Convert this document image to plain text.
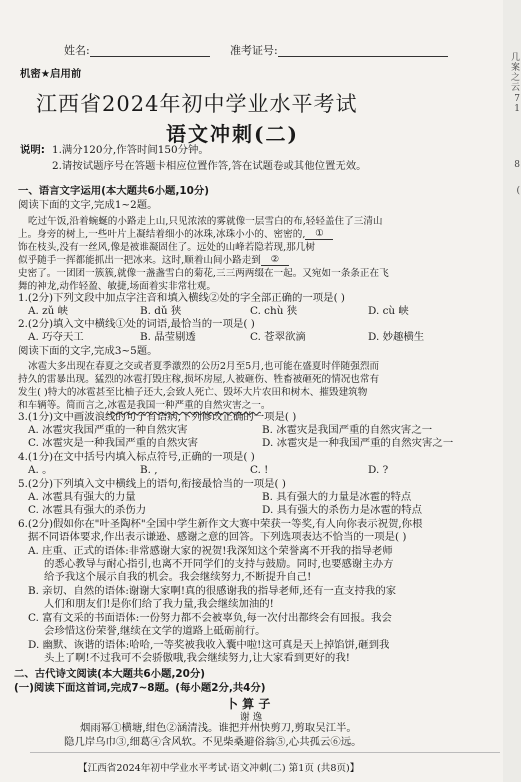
几
案
之
云
7
1
8
(
姓名:	准考证号:
机密★启用前
江西省2024年初中学业水平考试
语文冲刺(二)
说明: 1.满分120分,作答时间150分钟。
2.请按试题序号在答题卡相应位置作答,答在试题卷或其他位置无效。
一、语言文字运用(本大题共6小题,10分)
阅读下面的文字,完成1~2题。
吃过午饭,沿着蜿蜒的小路走上山,只见浓浓的雾就像一层雪白的布,轻轻盖住了三清山
上。身旁的树上,一些叶片上凝结着细小的冰珠,冰珠小小的、密密的, ①
饰在枝头,没有一丝风,像是被谁凝固住了。远处的山峰若隐若现,那几树
似乎随手一挥都能抓出一把冰来。这时,顺着山间小路走到 ②
史密了。一团团一簇簇,就像一盏盏雪白的菊花,三三两两缀在一起。又宛如一条条正在飞
舞的神龙,动作轻盈、敏捷,场面着实非常壮观。
1.(2分)下列文段中加点字注音和填入横线②处的字全部正确的一项是( )
A. zǔ 峡	B. dǔ 狭	C. chù 狭	D. cù 峡
2.(2分)填入文中横线①处的词语,最恰当的一项是( )
A. 巧夺天工	B. 晶莹剔透	C. 苍翠欲滴	D. 妙趣横生
阅读下面的文字,完成3~5题。
冰雹大多出现在春夏之交或者夏季激烈的公历2月至5月,也可能在盛夏时伴随强烈而
持久的雷暴出现。猛烈的冰雹打毁庄稼,损坏房屋,人被砸伤、牲畜被砸死的情况也常有
发生( )特大的冰雹甚至比柚子还大,会致人死亡、毁坏大片农田和树木、摧毁建筑物
和车辆等。简而言之,冰雹是我国一种严重的自然灾害之一。
3.(1分)文中画波浪线的句子有语病,下列修改正确的一项是( )
A. 冰雹灾我国严重的一种自然灾害	B. 冰雹灾是我国严重的自然灾害之一
C. 冰雹灾是一种我国严重的自然灾害	D. 冰雹灾是一种我国严重的自然灾害之一
4.(1分)在文中括号内填入标点符号,正确的一项是( )
A. 。	B. ,	C. !	D. ?
5.(2分)下列填入文中横线上的语句,衔接最恰当的一项是( )
A. 冰雹具有强大的力量	B. 具有强大的力量是冰雹的特点
C. 冰雹具有强大的杀伤力	D. 具有强大的杀伤力是冰雹的特点
6.(2分)假如你在"叶圣陶杯"全国中学生新作文大赛中荣获一等奖,有人向你表示祝贺,你根
据不同语体要求,作出表示谦逊、感谢之意的回答。下列选项表达不恰当的一项是( )
A. 庄重、正式的语体:非常感谢大家的祝贺!我深知这个荣誉离不开我的指导老师
的悉心教导与耐心指引,也离不开同学们的支持与鼓励。同时,也要感谢主办方
给予我这个展示自我的机会。我会继续努力,不断提升自己!
B. 亲切、自然的语体:谢谢大家啊!真的很感谢我的指导老师,还有一直支持我的家
人们和朋友们!是你们给了我力量,我会继续加油的!
C. 富有文采的书面语体:一份努力都不会被辜负,每一次付出都终会有回报。我会
会珍惜这份荣誉,继续在文学的道路上砥砺前行。
D. 幽默、诙谐的语体:哈哈,一等奖被我收入囊中啦!这可真是天上掉馅饼,砸到我
头上了啊!不过我可不会骄傲哦,我会继续努力,让大家看到更好的我!
二、古代诗文阅读(本大题共6小题,20分)
(一)阅读下面这首词,完成7~8题。(每小题2分,共4分)
卜 算 子
谢 逸
烟雨幂①横塘,绀色②涵清浅。谁把并州快剪刀,剪取吴江半。
隐几岸乌巾③,细葛④含风软。不见柴桑避俗翁⑤,心共孤云⑥远。
【江西省2024年初中学业水平考试·语文冲刺(二) 第1页 (共8页)】
